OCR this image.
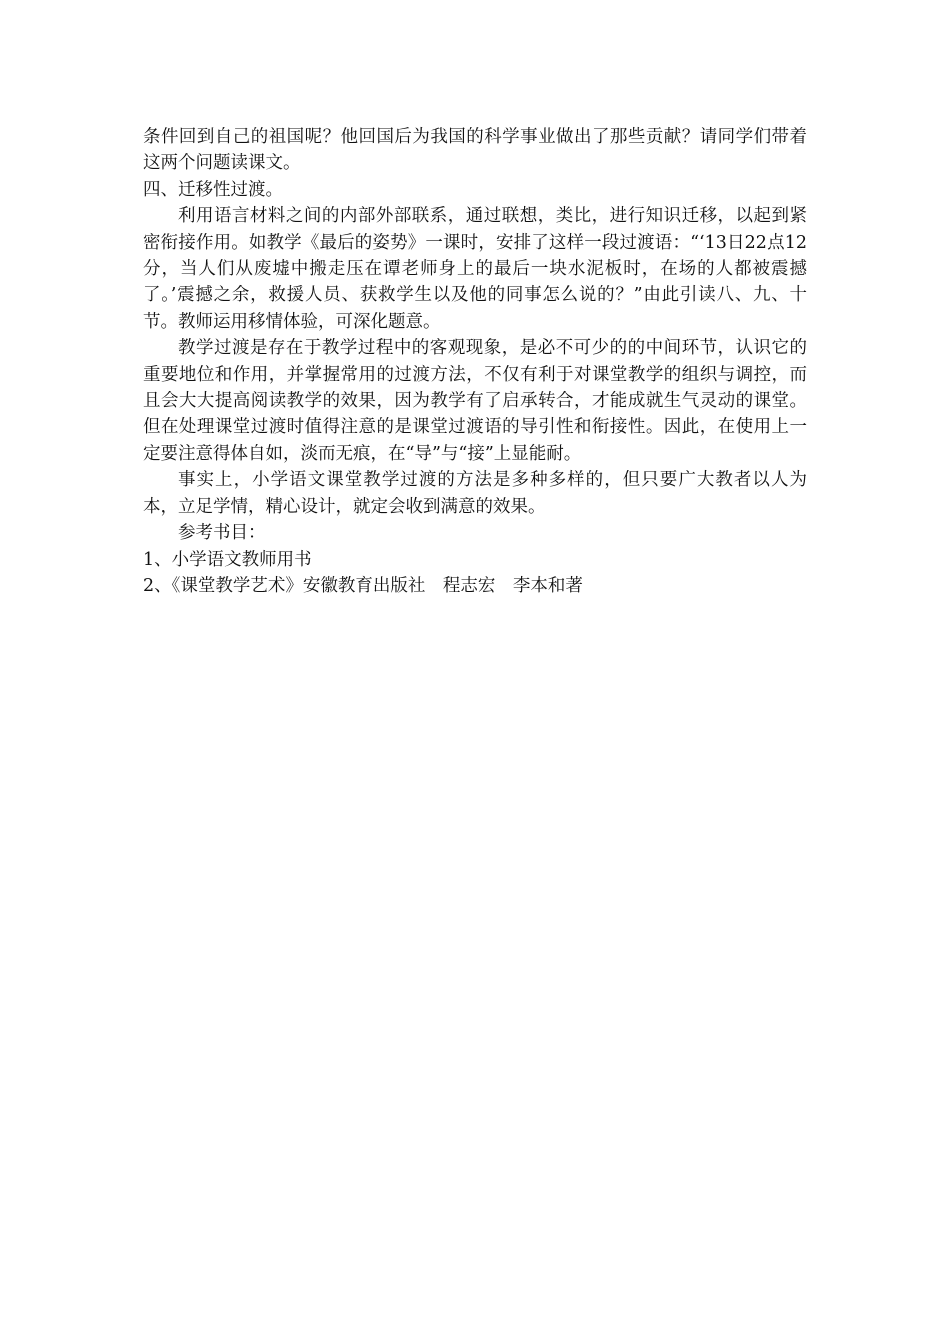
条件回到自己的祖国呢？他回国后为我国的科学事业做出了那些贡献？请同学们带着这两个问题读课文。

四、迁移性过渡。

利用语言材料之间的内部外部联系，通过联想，类比，进行知识迁移，以起到紧密衔接作用。如教学《最后的姿势》一课时，安排了这样一段过渡语：“‘13日22点12分，当人们从废墟中搬走压在谭老师身上的最后一块水泥板时，在场的人都被震撼了。’震撼之余，救援人员、获救学生以及他的同事怎么说的？”由此引读八、九、十节。教师运用移情体验，可深化题意。

教学过渡是存在于教学过程中的客观现象，是必不可少的的中间环节，认识它的重要地位和作用，并掌握常用的过渡方法，不仅有利于对课堂教学的组织与调控，而且会大大提高阅读教学的效果，因为教学有了启承转合，才能成就生气灵动的课堂。但在处理课堂过渡时值得注意的是课堂过渡语的导引性和衔接性。因此，在使用上一定要注意得体自如，淡而无痕，在“导”与“接”上显能耐。

事实上，小学语文课堂教学过渡的方法是多种多样的，但只要广大教者以人为本，立足学情，精心设计，就定会收到满意的效果。

参考书目：

1、小学语文教师用书

2、《课堂教学艺术》安徽教育出版社　程志宏　李本和著
